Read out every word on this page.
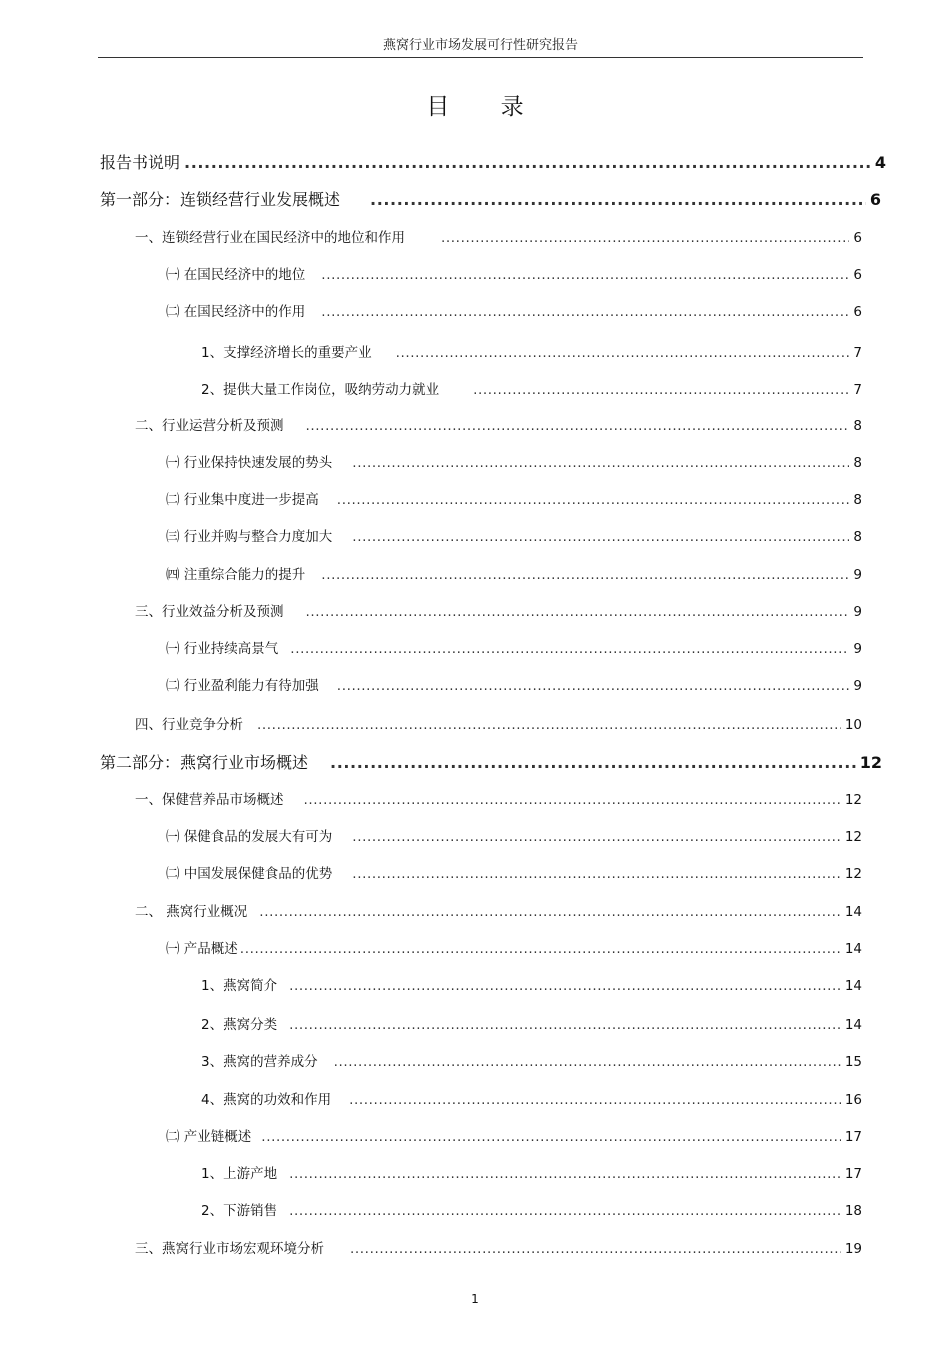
燕窝行业市场发展可行性研究报告
目 录
报告书说明 .....	4
第一部分：连锁经营行业发展概述 .....	6
一、连锁经营行业在国民经济中的地位和作用 .....	6
㈠ 在国民经济中的地位 .....	6
㈡ 在国民经济中的作用 .....	6
1、支撑经济增长的重要产业 .....	7
2、提供大量工作岗位，吸纳劳动力就业 .....	7
二、行业运营分析及预测 .....	8
㈠ 行业保持快速发展的势头 .....	8
㈡ 行业集中度进一步提高 .....	8
㈢ 行业并购与整合力度加大 .....	8
㈣ 注重综合能力的提升 .....	9
三、行业效益分析及预测 .....	9
㈠ 行业持续高景气 .....	9
㈡ 行业盈利能力有待加强 .....	9
四、行业竞争分析 .....	10
第二部分：燕窝行业市场概述 .....	12
一、保健营养品市场概述 .....	12
㈠ 保健食品的发展大有可为 .....	12
㈡ 中国发展保健食品的优势 .....	12
二、 燕窝行业概况 .....	14
㈠ 产品概述 .....	14
1、燕窝简介 .....	14
2、燕窝分类 .....	14
3、燕窝的营养成分 .....	15
4、燕窝的功效和作用 .....	16
㈡ 产业链概述 .....	17
1、上游产地 .....	17
2、下游销售 .....	18
三、燕窝行业市场宏观环境分析 .....	19
1
